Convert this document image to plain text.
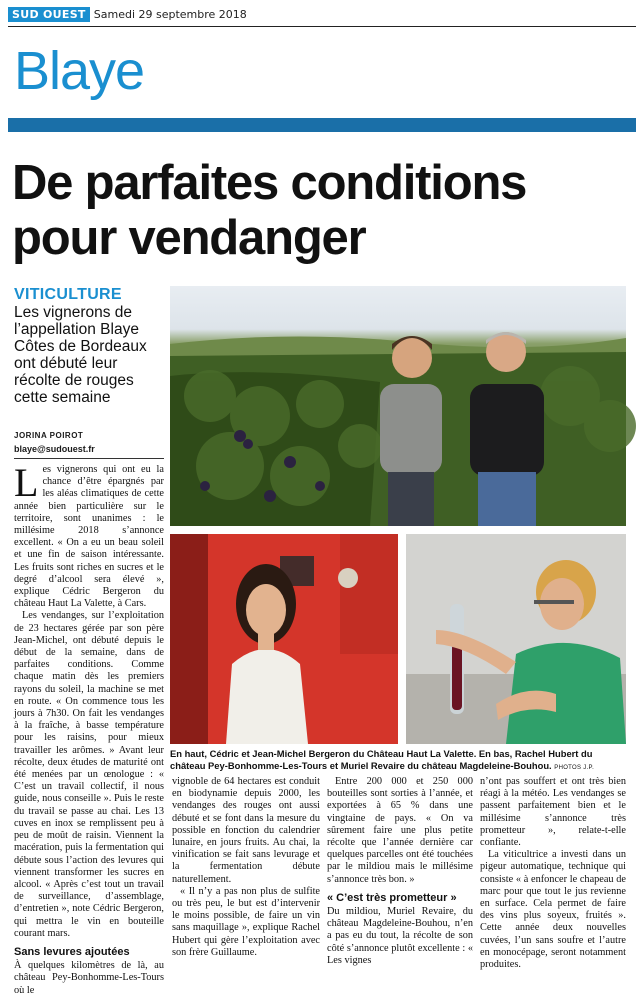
SUD OUEST Samedi 29 septembre 2018
Blaye
De parfaites conditions pour vendanger
VITICULTURE
Les vignerons de l’appellation Blaye Côtes de Bordeaux ont débuté leur récolte de rouges cette semaine
JORINA POIROT
blaye@sudouest.fr
En haut, Cédric et Jean-Michel Bergeron du Château Haut La Valette. En bas, Rachel Hubert du château Pey-Bonhomme-Les-Tours et Muriel Revaire du château Magdeleine-Bouhou. PHOTOS J.P.

Les vignerons qui ont eu la chance d’être épargnés par les aléas climatiques de cette année bien particulière sur le territoire, sont unanimes : le millésime 2018 s’annonce excellent. « On a eu un beau soleil et une fin de saison intéressante. Les fruits sont riches en sucres et le degré d’alcool sera élevé », explique Cédric Bergeron du château Haut La Valette, à Cars.

Les vendanges, sur l’exploitation de 23 hectares gérée par son père Jean-Michel, ont débuté depuis le début de la semaine, dans de parfaites conditions. Comme chaque matin dès les premiers rayons du soleil, la machine se met en route. « On commence tous les jours à 7h30. On fait les vendanges à la fraîche, à basse température pour les raisins, pour mieux travailler les arômes. » Avant leur récolte, deux études de maturité ont été menées par un œnologue : « C’est un travail collectif, il nous guide, nous conseille ». Puis le reste du travail se passe au chai. Les 13 cuves en inox se remplissent peu à peu de moût de raisin. Viennent la macération, puis la fermentation qui débute sous l’action des levures qui viennent transformer les sucres en alcool. « Après c’est tout un travail de surveillance, d’assemblage, d’entretien », note Cédric Bergeron, qui mettra le vin en bouteille courant mars.

Sans levures ajoutées

À quelques kilomètres de là, au château Pey-Bonhomme-Les-Tours où le

vignoble de 64 hectares est conduit en biodynamie depuis 2000, les vendanges des rouges ont aussi débuté et se font dans la mesure du possible en fonction du calendrier lunaire, en jours fruits. Au chai, la vinification se fait sans levurage et la fermentation débute naturellement.

« Il n’y a pas non plus de sulfite ou très peu, le but est d’intervenir le moins possible, de faire un vin sans maquillage », explique Rachel Hubert qui gère l’exploitation avec son frère Guillaume.

Entre 200 000 et 250 000 bouteilles sont sorties à l’année, et exportées à 65 % dans une vingtaine de pays. « On va sûrement faire une plus petite récolte que l’année dernière car quelques parcelles ont été touchées par le mildiou mais le millésime s’annonce très bon. »

« C’est très prometteur »

Du mildiou, Muriel Revaire, du château Magdeleine-Bouhou, n’en a pas eu du tout, la récolte de son côté s’annonce plutôt excellente : « Les vignes

n’ont pas souffert et ont très bien réagi à la météo. Les vendanges se passent parfaitement bien et le millésime s’annonce très prometteur », relate-t-elle confiante.

La viticultrice a investi dans un pigeur automatique, technique qui consiste « à enfoncer le chapeau de marc pour que tout le jus revienne en surface. Cela permet de faire des vins plus soyeux, fruités ». Cette année deux nouvelles cuvées, l’un sans soufre et l’autre en monocépage, seront notamment produites.
